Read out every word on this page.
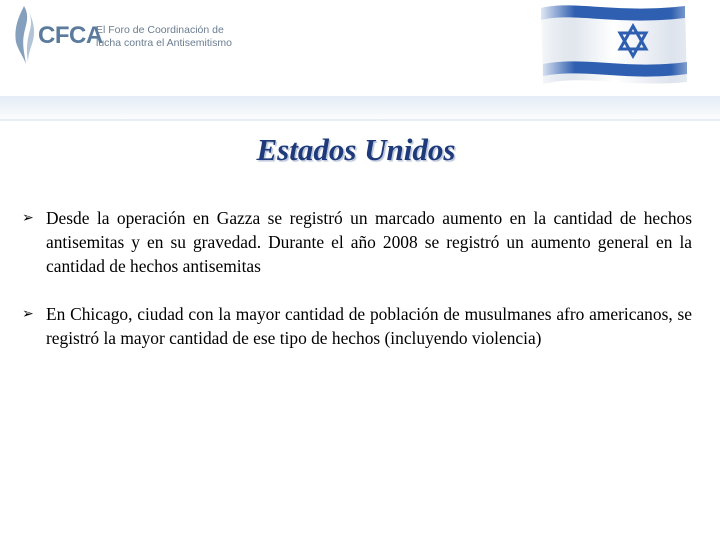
CFCA
El Foro de Coordinación de
lucha contra el Antisemitismo
Estados Unidos
➢ Desde la operación en Gazza se registró un marcado aumento en la cantidad de hechos antisemitas y en su gravedad. Durante el año 2008 se registró un aumento general en la cantidad de hechos antisemitas
➢ En Chicago, ciudad con la mayor cantidad de población de musulmanes afro americanos, se registró la mayor cantidad de ese tipo de hechos (incluyendo violencia)
